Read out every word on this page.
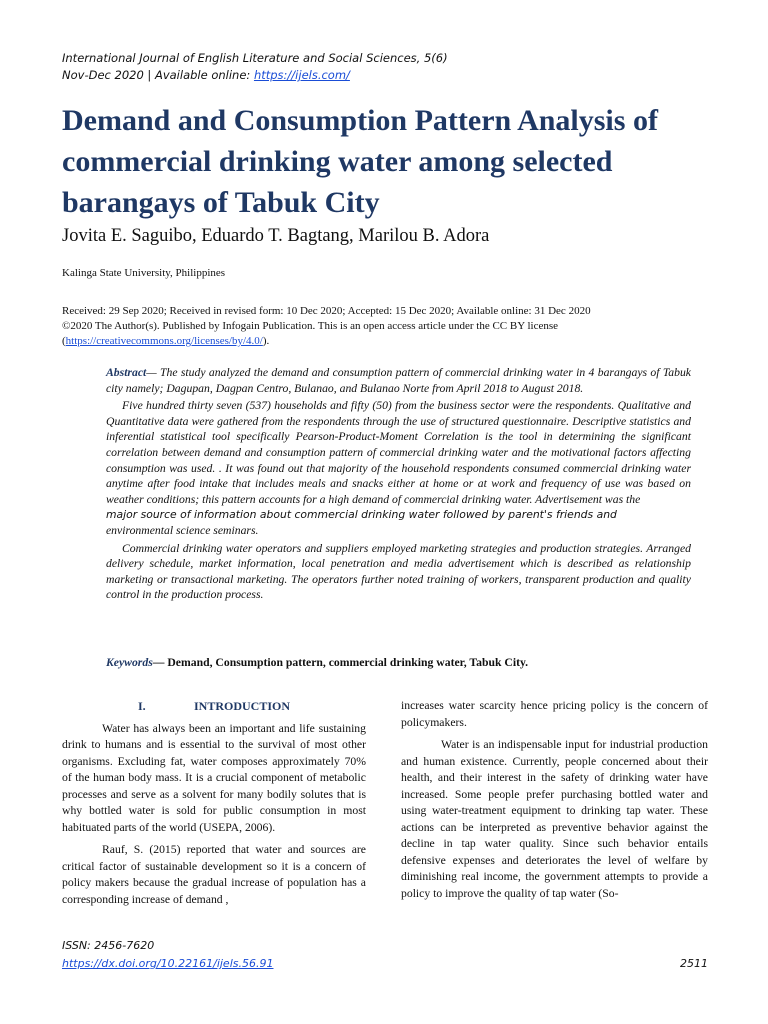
International Journal of English Literature and Social Sciences, 5(6)
Nov-Dec 2020 | Available online: https://ijels.com/
Demand and Consumption Pattern Analysis of commercial drinking water among selected barangays of Tabuk City
Jovita E. Saguibo, Eduardo T. Bagtang, Marilou B. Adora
Kalinga State University, Philippines
Received: 29 Sep 2020; Received in revised form: 10 Dec 2020; Accepted: 15 Dec 2020; Available online: 31 Dec 2020
©2020 The Author(s). Published by Infogain Publication. This is an open access article under the CC BY license
(https://creativecommons.org/licenses/by/4.0/).

Abstract— The study analyzed the demand and consumption pattern of commercial drinking water in 4 barangays of Tabuk city namely; Dagupan, Dagpan Centro, Bulanao, and Bulanao Norte from April 2018 to August 2018.

Five hundred thirty seven (537) households and fifty (50) from the business sector were the respondents. Qualitative and Quantitative data were gathered from the respondents through the use of structured questionnaire. Descriptive statistics and inferential statistical tool specifically Pearson-Product-Moment Correlation is the tool in determining the significant correlation between demand and consumption pattern of commercial drinking water and the motivational factors affecting consumption was used. . It was found out that majority of the household respondents consumed commercial drinking water anytime after food intake that includes meals and snacks either at home or at work and frequency of use was based on weather conditions; this pattern accounts for a high demand of commercial drinking water. Advertisement was the
major source of information about commercial drinking water followed by parent's friends and
environmental science seminars.

Commercial drinking water operators and suppliers employed marketing strategies and production strategies. Arranged delivery schedule, market information, local penetration and media advertisement which is described as relationship marketing or transactional marketing. The operators further noted training of workers, transparent production and quality control in the production process.

Keywords— Demand, Consumption pattern, commercial drinking water, Tabuk City.
I.	INTRODUCTION

Water has always been an important and life sustaining drink to humans and is essential to the survival of most other organisms. Excluding fat, water composes approximately 70% of the human body mass. It is a crucial component of metabolic processes and serve as a solvent for many bodily solutes that is why bottled water is sold for public consumption in most habituated parts of the world (USEPA, 2006).

Rauf, S. (2015) reported that water and sources are critical factor of sustainable development so it is a concern of policy makers because the gradual increase of population has a corresponding increase of demand ,

increases water scarcity hence pricing policy is the concern of policymakers.

Water is an indispensable input for industrial production and human existence. Currently, people concerned about their health, and their interest in the safety of drinking water have increased. Some people prefer purchasing bottled water and using water-treatment equipment to drinking tap water. These actions can be interpreted as preventive behavior against the decline in tap water quality. Since such behavior entails defensive expenses and deteriorates the level of welfare by diminishing real income, the government attempts to provide a policy to improve the quality of tap water (So-

ISSN: 2456-7620
https://dx.doi.org/10.22161/ijels.56.91	2511
